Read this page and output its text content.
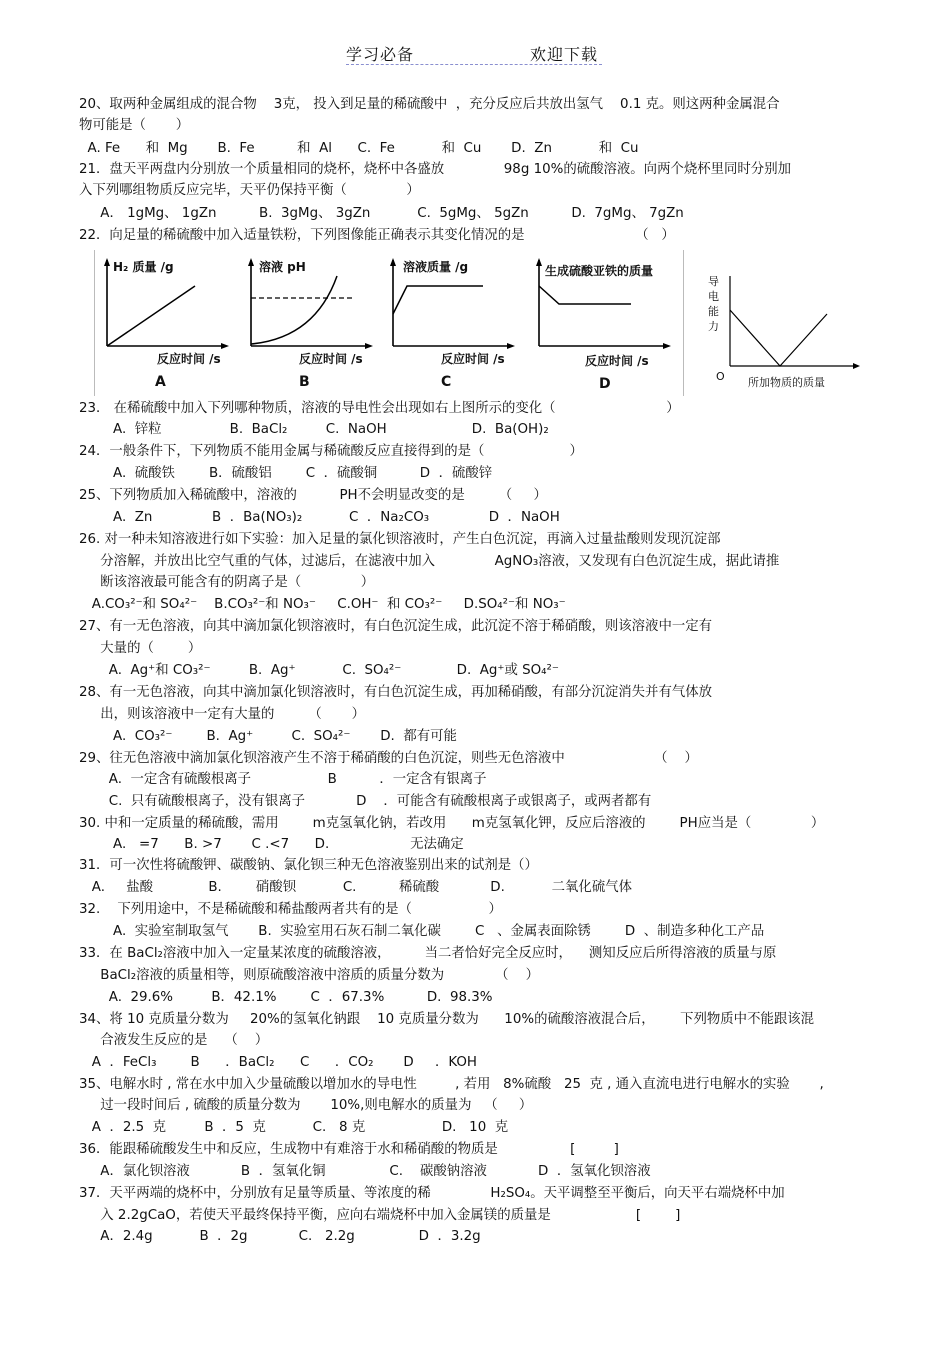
学习必备	欢迎下载
20、取两种金属组成的混合物    3克， 投入到足量的稀硫酸中  ，充分反应后共放出氢气    0.1 克。则这两种金属混合
物可能是（       ）
A. Fe      和  Mg       B.  Fe          和  Al      C.  Fe           和  Cu       D.  Zn           和  Cu
21．盘天平两盘内分别放一个质量相同的烧杯，烧杯中各盛放              98g 10%的硫酸溶液。向两个烧杯里同时分别加
入下列哪组物质反应完毕，天平仍保持平衡（              ）
A． 1gMg、 1gZn          B.  3gMg、 3gZn           C.  5gMg、 5gZn          D.  7gMg、 7gZn
22．向足量的稀硫酸中加入适量铁粉，下列图像能正确表示其变化情况的是                          （   ）
23． 在稀硫酸中加入下列哪种物质，溶液的导电性会出现如右上图所示的变化（                          ）
A.  锌粒                B.  BaCl₂         C.  NaOH                    D.  Ba(OH)₂
24．一般条件下，下列物质不能用金属与稀硫酸反应直接得到的是（                    ）
A.  硫酸铁        B．硫酸铝        C  ．硫酸铜          D  ．硫酸锌
25、下列物质加入稀硫酸中，溶液的          PH不会明显改变的是        （     ）
A.  Zn              B  ．Ba(NO₃)₂           C  ．Na₂CO₃              D  ．NaOH
26. 对一种未知溶液进行如下实验：加入足量的氯化钡溶液时，产生白色沉淀，再滴入过量盐酸则发现沉淀部
分溶解，并放出比空气重的气体，过滤后，在滤液中加入              AgNO₃溶液，又发现有白色沉淀生成，据此请推
断该溶液最可能含有的阴离子是（              ）
A.CO₃²⁻和 SO₄²⁻    B.CO₃²⁻和 NO₃⁻     C.OH⁻  和 CO₃²⁻     D.SO₄²⁻和 NO₃⁻
27、有一无色溶液，向其中滴加氯化钡溶液时，有白色沉淀生成，此沉淀不溶于稀硝酸，则该溶液中一定有
大量的（        ）
A.  Ag⁺和 CO₃²⁻         B.  Ag⁺           C.  SO₄²⁻             D.  Ag⁺或 SO₄²⁻
28、有一无色溶液，向其中滴加氯化钡溶液时，有白色沉淀生成，再加稀硝酸，有部分沉淀消失并有气体放
出，则该溶液中一定有大量的        （       ）
A.  CO₃²⁻        B.  Ag⁺         C.  SO₄²⁻       D.  都有可能
29、往无色溶液中滴加氯化钡溶液产生不溶于稀硝酸的白色沉淀，则些无色溶液中                     （    ）
A.  一定含有硫酸根离子                  B          ．一定含有银离子
C.  只有硫酸根离子，没有银离子            D    ．可能含有硫酸根离子或银离子，或两者都有
30. 中和一定质量的稀硫酸，需用        m克氢氧化钠，若改用      m克氢氧化钾，反应后溶液的        PH应当是（              ）
A.   =7      B. >7       C .<7      D.                   无法确定
31．可一次性将硫酸钾、碳酸钠、氯化钡三种无色溶液鉴别出来的试剂是（）
A.     盐酸             B.        硝酸钡           C.          稀硫酸            D.           二氧化硫气体
32.    下列用途中，不是稀硫酸和稀盐酸两者共有的是（                  ）
A.  实验室制取氢气       B.  实验室用石灰石制二氧化碳        C   、金属表面除锈        D  、制造多种化工产品
33．在 BaCl₂溶液中加入一定量某浓度的硫酸溶液，        当二者恰好完全反应时，    测知反应后所得溶液的质量与原
BaCl₂溶液的质量相等，则原硫酸溶液中溶质的质量分数为            （    ）
A.  29.6%         B．42.1%        C  ．67.3%          D.  98.3%
34、将 10 克质量分数为     20%的氢氧化钠跟    10 克质量分数为      10%的硫酸溶液混合后，      下列物质中不能跟该混
合液发生反应的是    （    ）
A  ．FeCl₃        B      ．BaCl₂      C      ．CO₂       D     ．KOH
35、电解水时 , 常在水中加入少量硫酸以增加水的导电性         , 若用   8%硫酸   25  克 , 通入直流电进行电解水的实验       ,
过一段时间后 , 硫酸的质量分数为       10%,则电解水的质量为   （     ）
A  ．2.5  克         B  ．5  克           C.   8 克                  D.   10  克
36．能跟稀硫酸发生中和反应，生成物中有难溶于水和稀硝酸的物质是                 [         ]
A．氯化钡溶液            B  ．氢氧化铜               C.    碳酸钠溶液            D  ．氢氧化钡溶液
37．天平两端的烧杯中，分别放有足量等质量、等浓度的稀              H₂SO₄。天平调整至平衡后，向天平右端烧杯中加
入 2.2gCaO，若使天平最终保持平衡，应向右端烧杯中加入金属镁的质量是                    [        ]
A．2.4g           B  ．2g            C.   2.2g               D  ．3.2g
H₂ 质量 /g
反应时间 /s
A
溶液 pH
反应时间 /s
B
溶液质量 /g
反应时间 /s
C
生成硫酸亚铁的质量
反应时间 /s
D
导电能力
O 所加物质的质量
